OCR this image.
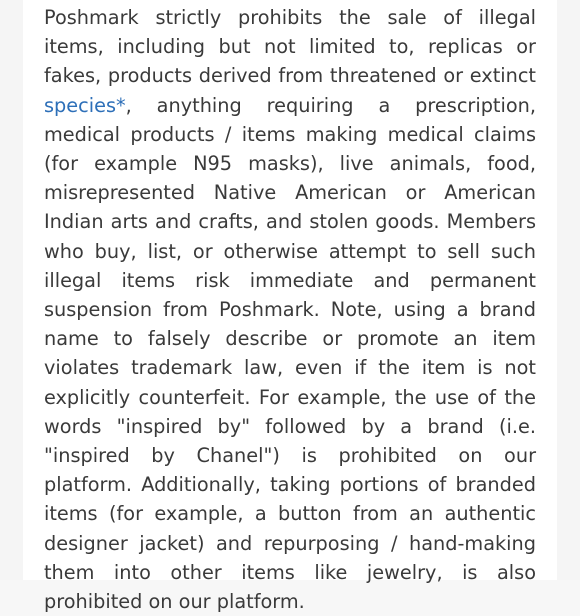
Poshmark strictly prohibits the sale of illegal items, including but not limited to, replicas or fakes, products derived from threatened or extinct species*, anything requiring a prescription, medical products / items making medical claims (for example N95 masks), live animals, food, misrepresented Native American or American Indian arts and crafts, and stolen goods. Members who buy, list, or otherwise attempt to sell such illegal items risk immediate and permanent suspension from Poshmark. Note, using a brand name to falsely describe or promote an item violates trademark law, even if the item is not explicitly counterfeit. For example, the use of the words "inspired by" followed by a brand (i.e. "inspired by Chanel") is prohibited on our platform. Additionally, taking portions of branded items (for example, a button from an authentic designer jacket) and repurposing / hand-making them into other items like jewelry, is also prohibited on our platform.
